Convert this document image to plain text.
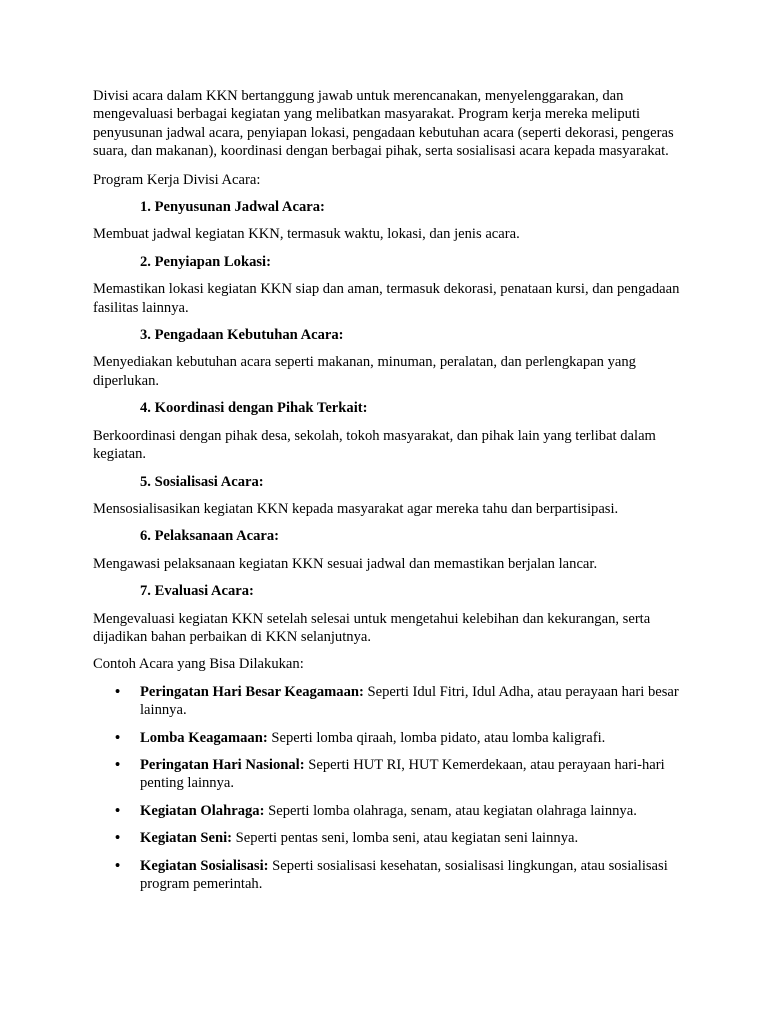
Divisi acara dalam KKN bertanggung jawab untuk merencanakan, menyelenggarakan, dan mengevaluasi berbagai kegiatan yang melibatkan masyarakat. Program kerja mereka meliputi penyusunan jadwal acara, penyiapan lokasi, pengadaan kebutuhan acara (seperti dekorasi, pengeras suara, dan makanan), koordinasi dengan berbagai pihak, serta sosialisasi acara kepada masyarakat.

Program Kerja Divisi Acara:

1. Penyusunan Jadwal Acara:

Membuat jadwal kegiatan KKN, termasuk waktu, lokasi, dan jenis acara.

2. Penyiapan Lokasi:

Memastikan lokasi kegiatan KKN siap dan aman, termasuk dekorasi, penataan kursi, dan pengadaan fasilitas lainnya.

3. Pengadaan Kebutuhan Acara:

Menyediakan kebutuhan acara seperti makanan, minuman, peralatan, dan perlengkapan yang diperlukan.

4. Koordinasi dengan Pihak Terkait:

Berkoordinasi dengan pihak desa, sekolah, tokoh masyarakat, dan pihak lain yang terlibat dalam kegiatan.

5. Sosialisasi Acara:

Mensosialisasikan kegiatan KKN kepada masyarakat agar mereka tahu dan berpartisipasi.

6. Pelaksanaan Acara:

Mengawasi pelaksanaan kegiatan KKN sesuai jadwal dan memastikan berjalan lancar.

7. Evaluasi Acara:

Mengevaluasi kegiatan KKN setelah selesai untuk mengetahui kelebihan dan kekurangan, serta dijadikan bahan perbaikan di KKN selanjutnya.

Contoh Acara yang Bisa Dilakukan:

• Peringatan Hari Besar Keagamaan: Seperti Idul Fitri, Idul Adha, atau perayaan hari besar lainnya.
• Lomba Keagamaan: Seperti lomba qiraah, lomba pidato, atau lomba kaligrafi.
• Peringatan Hari Nasional: Seperti HUT RI, HUT Kemerdekaan, atau perayaan hari-hari penting lainnya.
• Kegiatan Olahraga: Seperti lomba olahraga, senam, atau kegiatan olahraga lainnya.
• Kegiatan Seni: Seperti pentas seni, lomba seni, atau kegiatan seni lainnya.
• Kegiatan Sosialisasi: Seperti sosialisasi kesehatan, sosialisasi lingkungan, atau sosialisasi program pemerintah.
